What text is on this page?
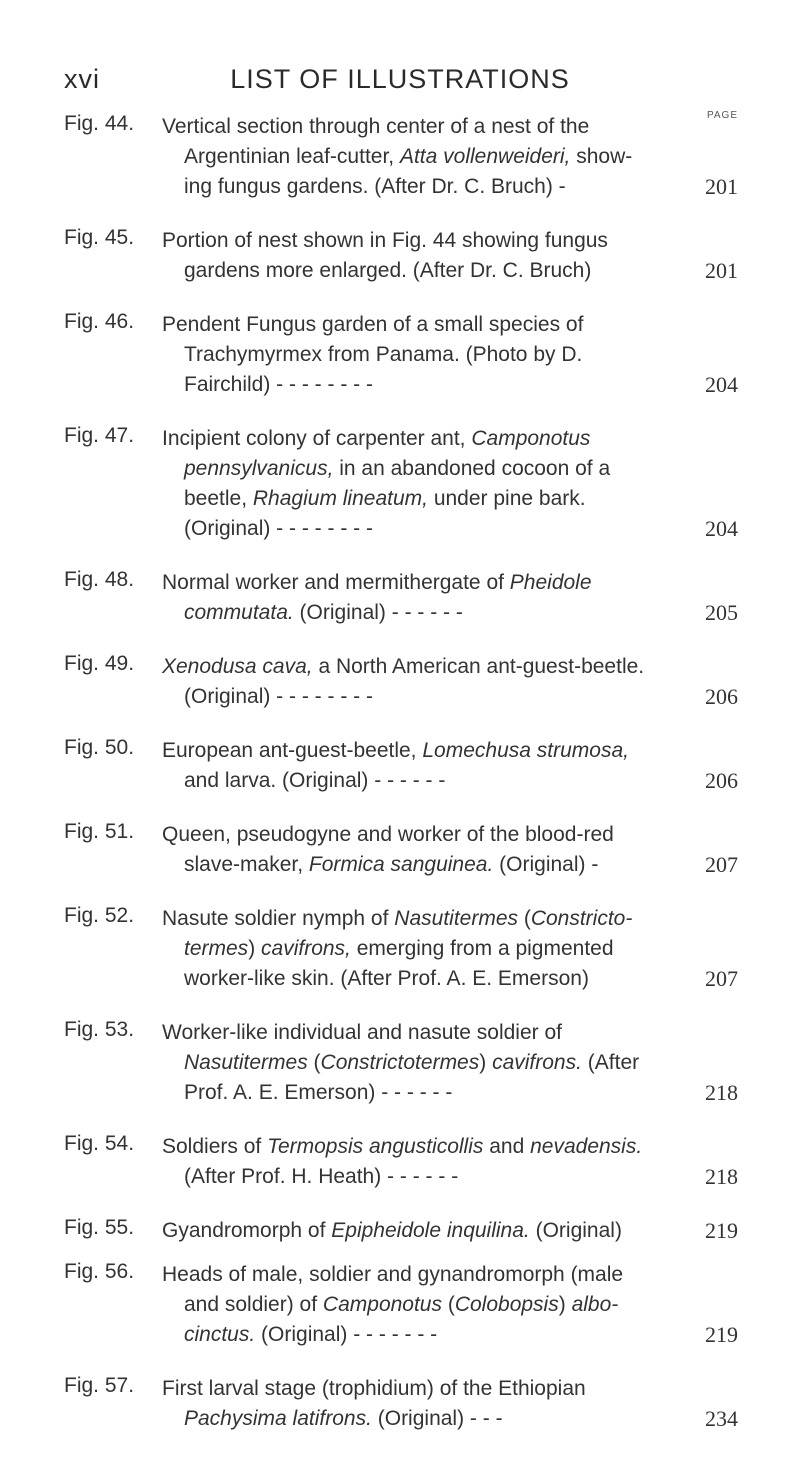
xvi	LIST OF ILLUSTRATIONS
PAGE
Fig. 44. Vertical section through center of a nest of the
Argentinian leaf-cutter, Atta vollenweideri, show-
ing fungus gardens. (After Dr. C. Bruch) -	201
Fig. 45. Portion of nest shown in Fig. 44 showing fungus
gardens more enlarged. (After Dr. C. Bruch)	201
Fig. 46. Pendent Fungus garden of a small species of
Trachymyrmex from Panama. (Photo by D.
Fairchild) - - - - - - - -	204
Fig. 47. Incipient colony of carpenter ant, Camponotus
pennsylvanicus, in an abandoned cocoon of a
beetle, Rhagium lineatum, under pine bark.
(Original) - - - - - - - -	204
Fig. 48. Normal worker and mermithergate of Pheidole
commutata. (Original) - - - - - -	205
Fig. 49. Xenodusa cava, a North American ant-guest-beetle.
(Original) - - - - - - - -	206
Fig. 50. European ant-guest-beetle, Lomechusa strumosa,
and larva. (Original) - - - - - -	206
Fig. 51. Queen, pseudogyne and worker of the blood-red
slave-maker, Formica sanguinea. (Original) -	207
Fig. 52. Nasute soldier nymph of Nasutitermes (Constricto-
termes) cavifrons, emerging from a pigmented
worker-like skin. (After Prof. A. E. Emerson)	207
Fig. 53. Worker-like individual and nasute soldier of
Nasutitermes (Constrictotermes) cavifrons. (After
Prof. A. E. Emerson) - - - - - -	218
Fig. 54. Soldiers of Termopsis angusticollis and nevadensis.
(After Prof. H. Heath) - - - - - -	218
Fig. 55. Gyandromorph of Epipheidole inquilina. (Original)	219
Fig. 56. Heads of male, soldier and gynandromorph (male
and soldier) of Camponotus (Colobopsis) albo-
cinctus. (Original) - - - - - - -	219
Fig. 57. First larval stage (trophidium) of the Ethiopian
Pachysima latifrons. (Original) - - -	234
